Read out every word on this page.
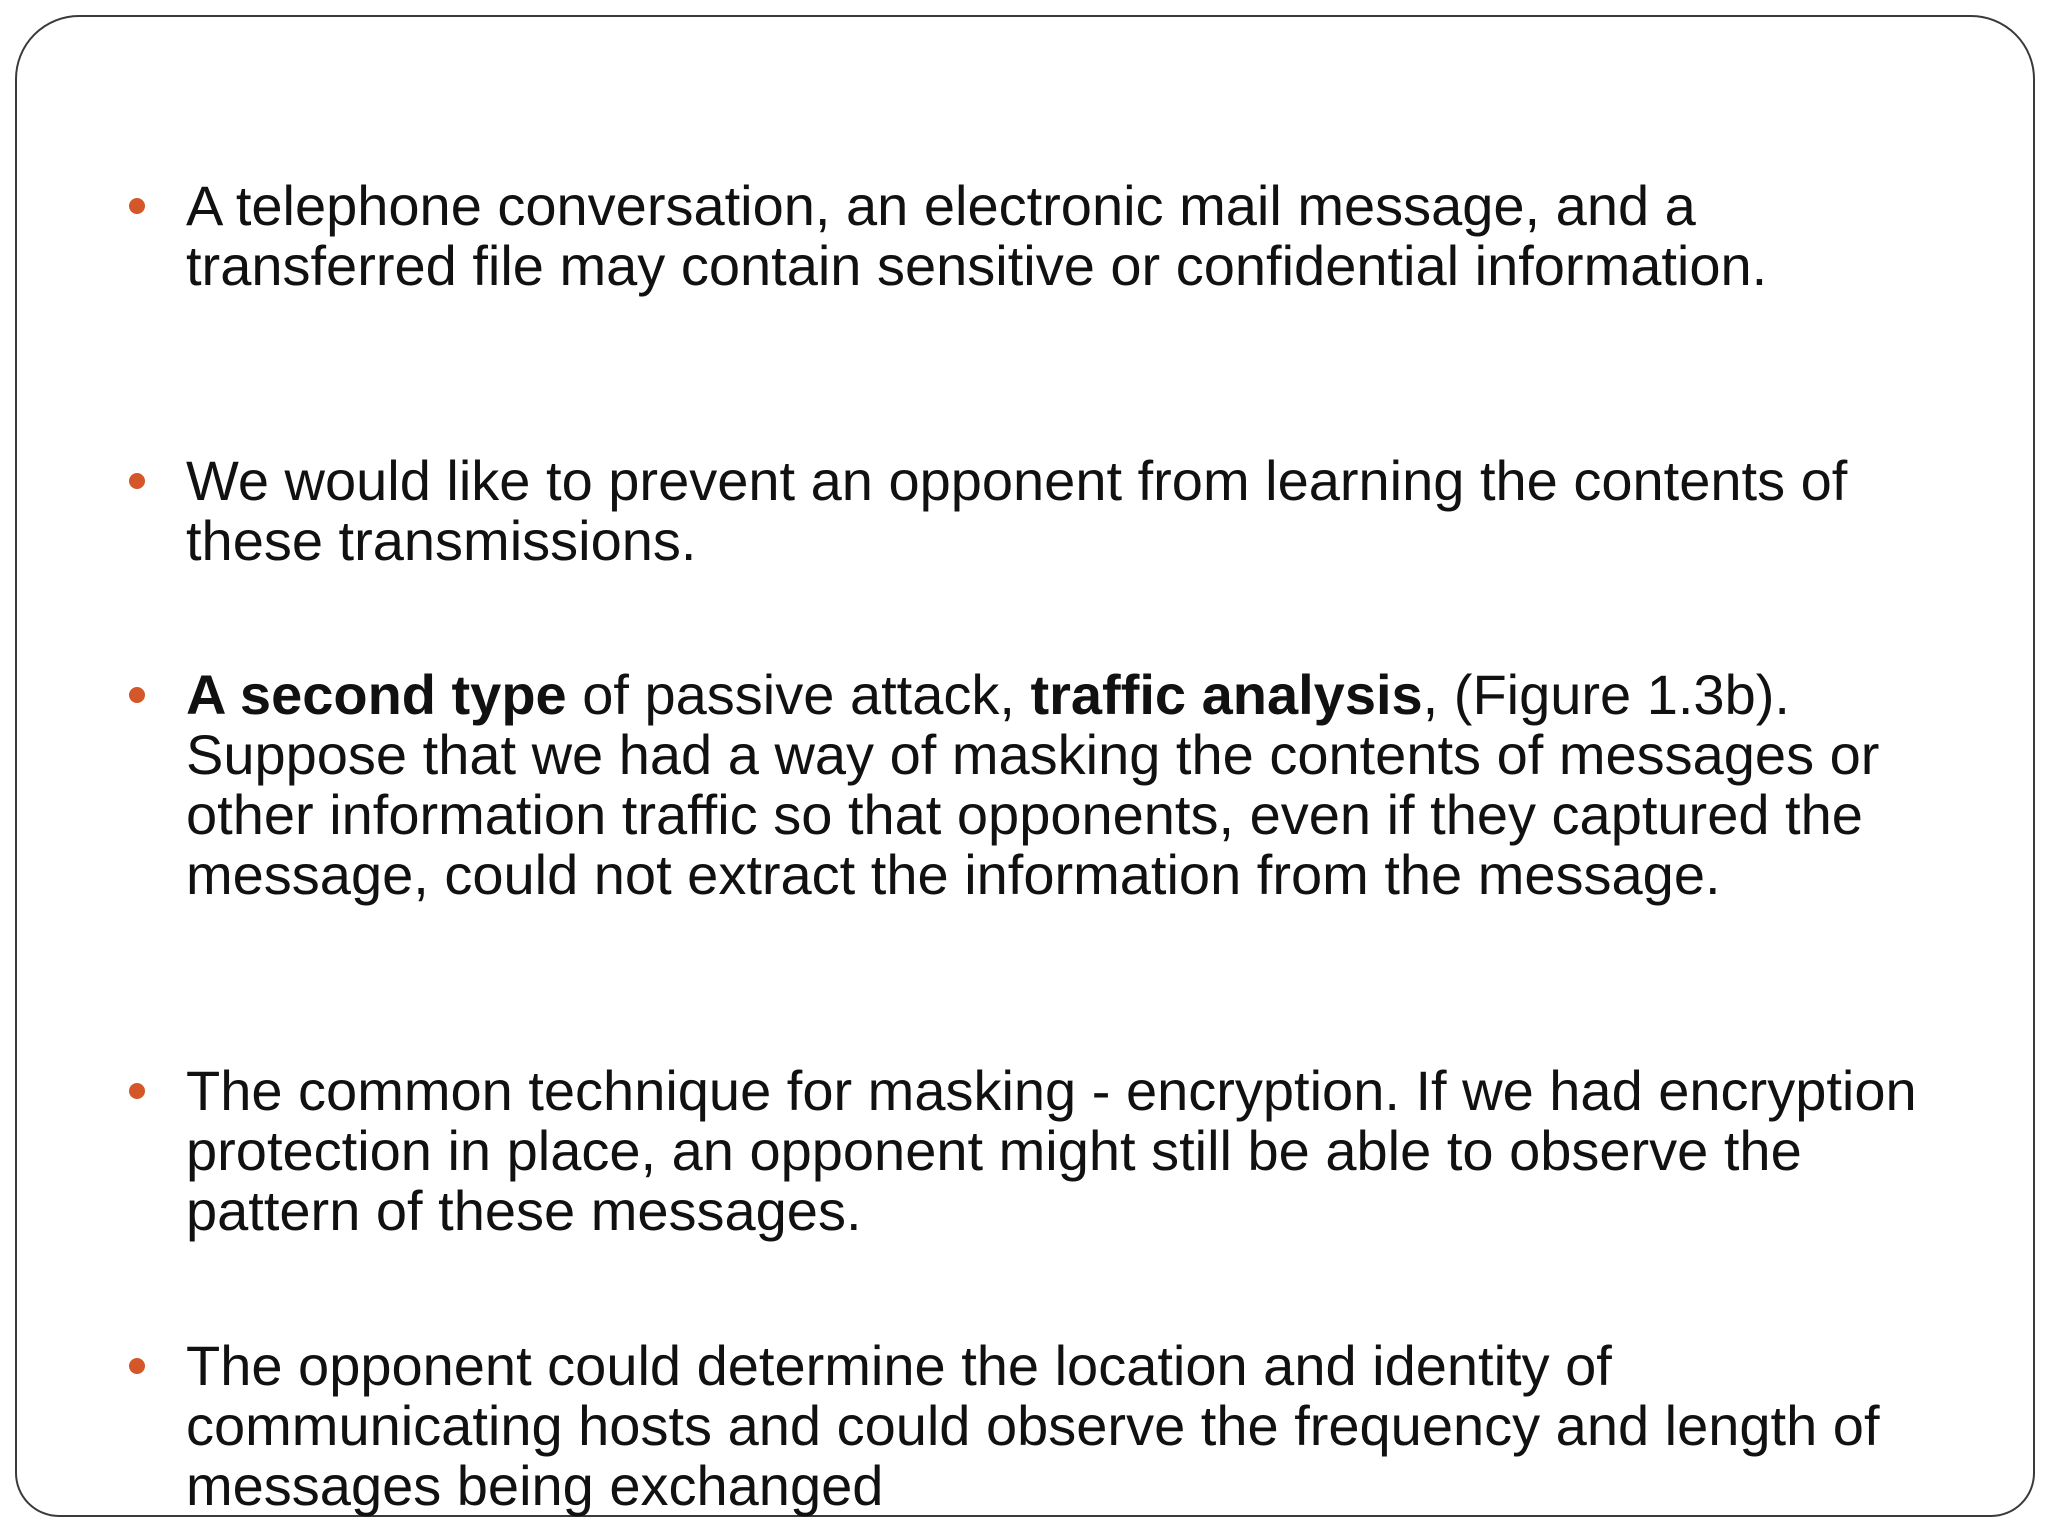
A telephone conversation, an electronic mail message, and a transferred file may contain sensitive or confidential information.
We would like to prevent an opponent from learning the contents of these transmissions.
A second type of passive attack, traffic analysis, (Figure 1.3b). Suppose that we had a way of masking the contents of messages or other information traffic so that opponents, even if they captured the message, could not extract the information from the message.
The common technique for masking - encryption. If we had encryption protection in place, an opponent might still be able to observe the pattern of these messages.
The opponent could determine the location and identity of communicating hosts and could observe the frequency and length of messages being exchanged
